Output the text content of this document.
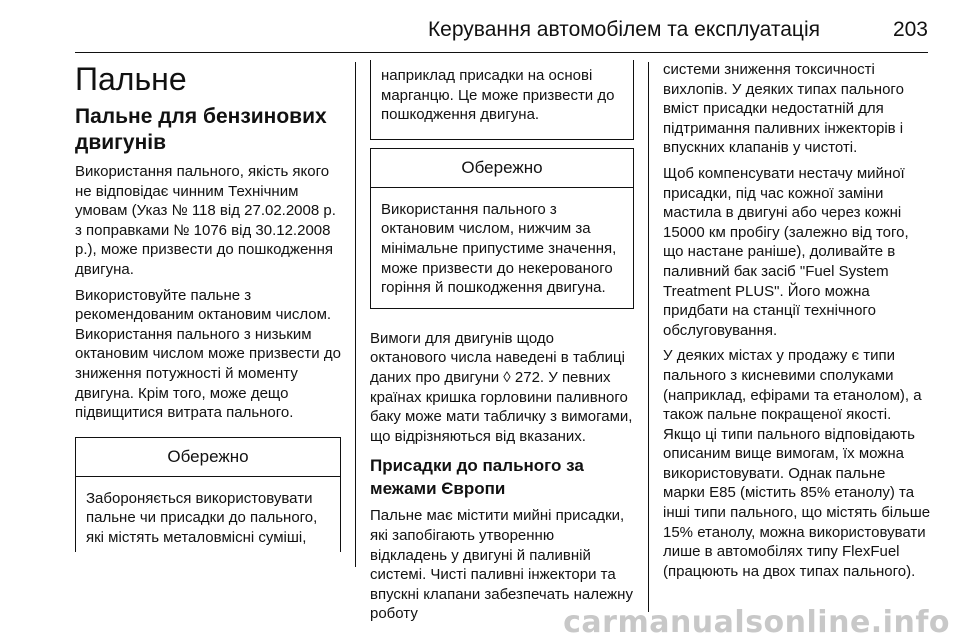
Керування автомобілем та експлуатація	203
Пальне
Пальне для бензинових двигунів

Використання пального, якість якого не відповідає чинним Технічним умовам (Указ № 118 від 27.02.2008 р. з поправками № 1076 від 30.12.2008 р.), може призвести до пошкодження двигуна.

Використовуйте пальне з рекомендованим октановим числом. Використання пального з низьким октановим числом може призвести до зниження потужності й моменту двигуна. Крім того, може дещо підвищитися витрата пального.

Обережно
Забороняється використовувати пальне чи присадки до пального, які містять металовмісні суміші,
наприклад присадки на основі марганцю. Це може призвести до пошкодження двигуна.
Обережно
Використання пального з октановим числом, нижчим за мінімальне припустиме значення, може призвести до некерованого горіння й пошкодження двигуна.

Вимоги для двигунів щодо октанового числа наведені в таблиці даних про двигуни ◊ 272. У певних країнах кришка горловини паливного баку може мати табличку з вимогами, що відрізняються від вказаних.

Присадки до пального за межами Європи

Пальне має містити мийні присадки, які запобігають утворенню відкладень у двигуні й паливній системі. Чисті паливні інжектори та впускні клапани забезпечать належну роботу

системи зниження токсичності вихлопів. У деяких типах пального вміст присадки недостатній для підтримання паливних інжекторів і впускних клапанів у чистоті.

Щоб компенсувати нестачу мийної присадки, під час кожної заміни мастила в двигуні або через кожні 15000 км пробігу (залежно від того, що настане раніше), доливайте в паливний бак засіб "Fuel System Treatment PLUS". Його можна придбати на станції технічного обслуговування.

У деяких містах у продажу є типи пального з кисневими сполуками (наприклад, ефірами та етанолом), а також пальне покращеної якості. Якщо ці типи пального відповідають описаним вище вимогам, їх можна використовувати. Однак пальне марки E85 (містить 85% етанолу) та інші типи пального, що містять більше 15% етанолу, можна використовувати лише в автомобілях типу FlexFuel (працюють на двох типах пального).

carmanualsonline.info
